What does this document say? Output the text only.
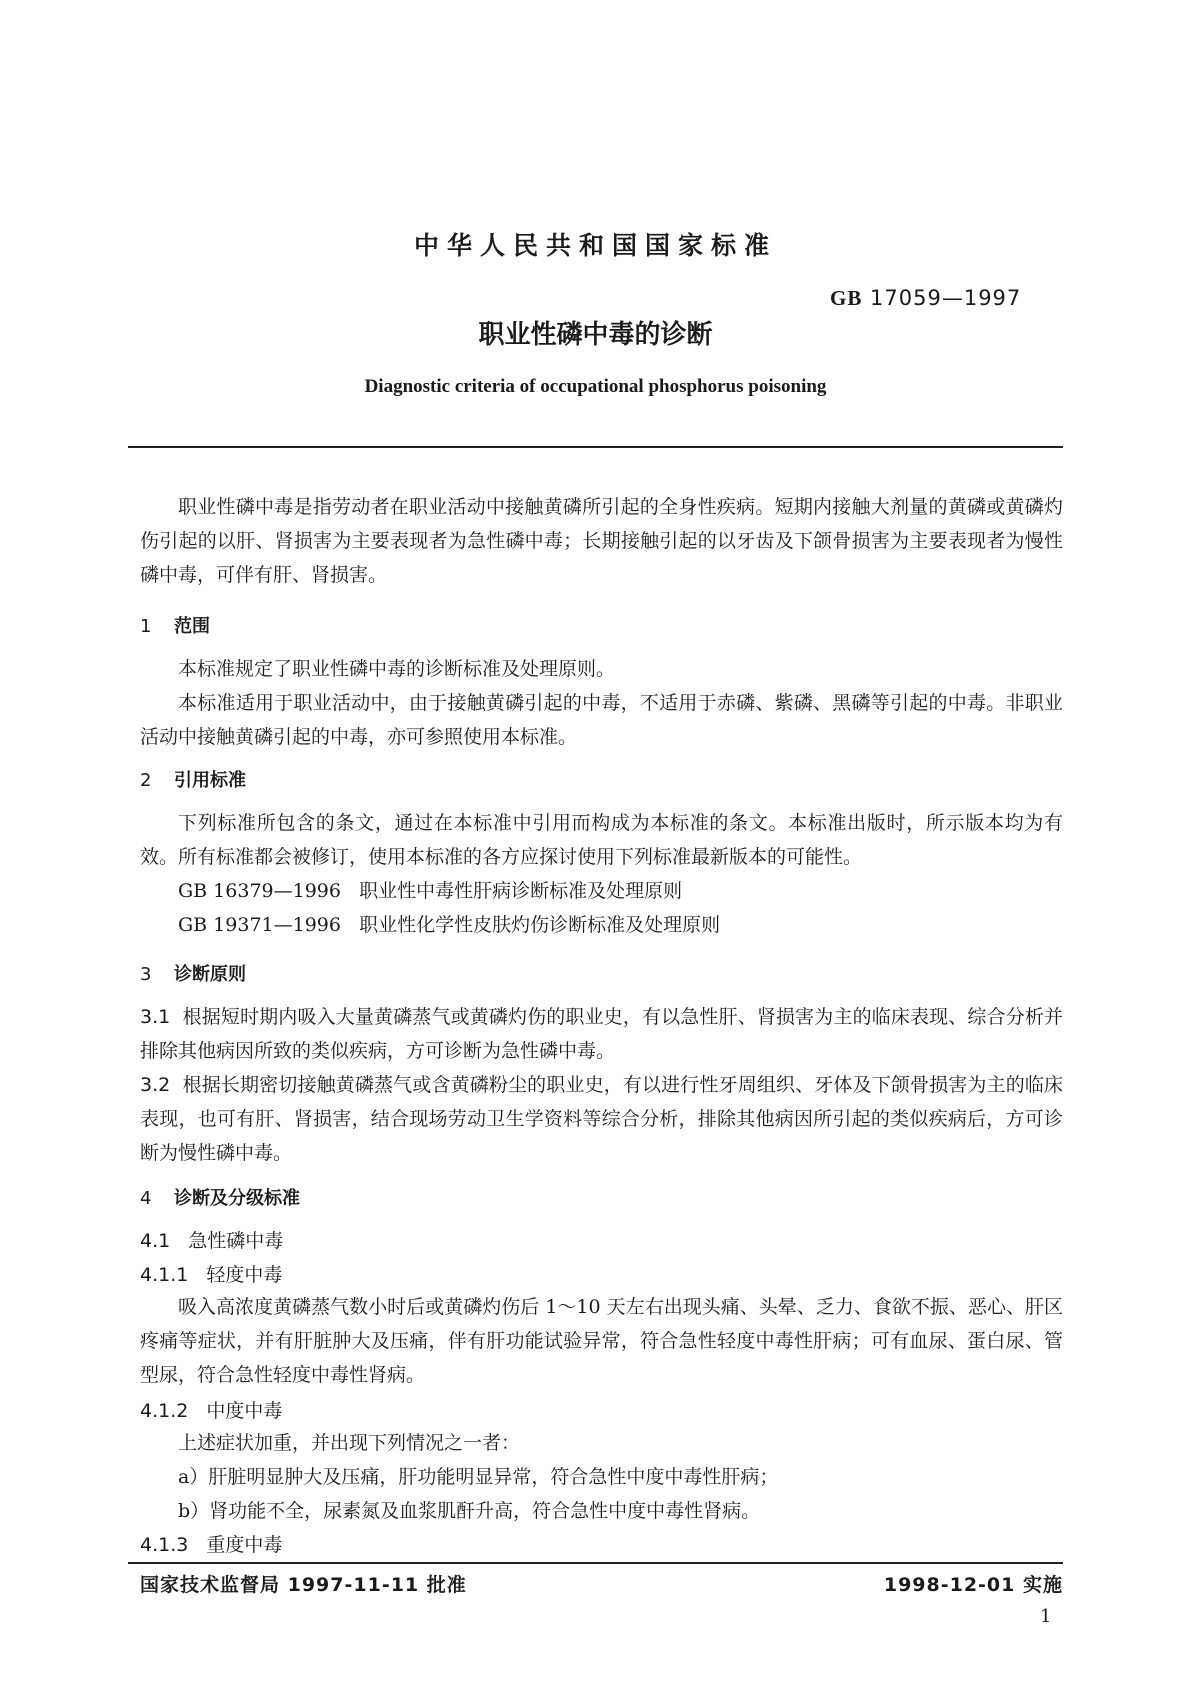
中华人民共和国国家标准
GB 17059—1997
职业性磷中毒的诊断
Diagnostic criteria of occupational phosphorus poisoning
职业性磷中毒是指劳动者在职业活动中接触黄磷所引起的全身性疾病。短期内接触大剂量的黄磷或黄磷灼伤引起的以肝、肾损害为主要表现者为急性磷中毒；长期接触引起的以牙齿及下颌骨损害为主要表现者为慢性磷中毒，可伴有肝、肾损害。
1 范围
本标准规定了职业性磷中毒的诊断标准及处理原则。
本标准适用于职业活动中，由于接触黄磷引起的中毒，不适用于赤磷、紫磷、黑磷等引起的中毒。非职业活动中接触黄磷引起的中毒，亦可参照使用本标准。
2 引用标准
下列标准所包含的条文，通过在本标准中引用而构成为本标准的条文。本标准出版时，所示版本均为有效。所有标准都会被修订，使用本标准的各方应探讨使用下列标准最新版本的可能性。
GB 16379—1996 职业性中毒性肝病诊断标准及处理原则
GB 19371—1996 职业性化学性皮肤灼伤诊断标准及处理原则
3 诊断原则
3.1 根据短时期内吸入大量黄磷蒸气或黄磷灼伤的职业史，有以急性肝、肾损害为主的临床表现、综合分析并排除其他病因所致的类似疾病，方可诊断为急性磷中毒。
3.2 根据长期密切接触黄磷蒸气或含黄磷粉尘的职业史，有以进行性牙周组织、牙体及下颌骨损害为主的临床表现，也可有肝、肾损害，结合现场劳动卫生学资料等综合分析，排除其他病因所引起的类似疾病后，方可诊断为慢性磷中毒。
4 诊断及分级标准
4.1 急性磷中毒
4.1.1 轻度中毒
吸入高浓度黄磷蒸气数小时后或黄磷灼伤后 1～10 天左右出现头痛、头晕、乏力、食欲不振、恶心、肝区疼痛等症状，并有肝脏肿大及压痛，伴有肝功能试验异常，符合急性轻度中毒性肝病；可有血尿、蛋白尿、管型尿，符合急性轻度中毒性肾病。
4.1.2 中度中毒
上述症状加重，并出现下列情况之一者：
a）肝脏明显肿大及压痛，肝功能明显异常，符合急性中度中毒性肝病；
b）肾功能不全，尿素氮及血浆肌酐升高，符合急性中度中毒性肾病。
4.1.3 重度中毒
国家技术监督局 1997-11-11 批准	1998-12-01 实施
1
